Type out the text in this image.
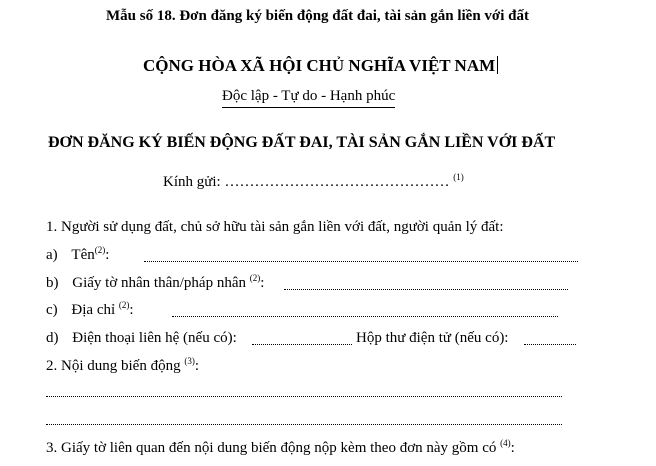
Mẫu số 18. Đơn đăng ký biến động đất đai, tài sản gắn liền với đất
CỘNG HÒA XÃ HỘI CHỦ NGHĨA VIỆT NAM
Độc lập - Tự do - Hạnh phúc
ĐƠN ĐĂNG KÝ BIẾN ĐỘNG ĐẤT ĐAI, TÀI SẢN GẮN LIỀN VỚI ĐẤT
Kính gửi: ……………………………………… $^{(1)}$
1. Người sử dụng đất, chủ sở hữu tài sản gắn liền với đất, người quản lý đất:
a) Tên$^{(2)}$:
b) Giấy tờ nhân thân/pháp nhân $^{(2)}$:
c) Địa chỉ $^{(2)}$:
d) Điện thoại liên hệ (nếu có):	Hộp thư điện tử (nếu có):
2. Nội dung biến động $^{(3)}$:
3. Giấy tờ liên quan đến nội dung biến động nộp kèm theo đơn này gồm có $^{(4)}$:
